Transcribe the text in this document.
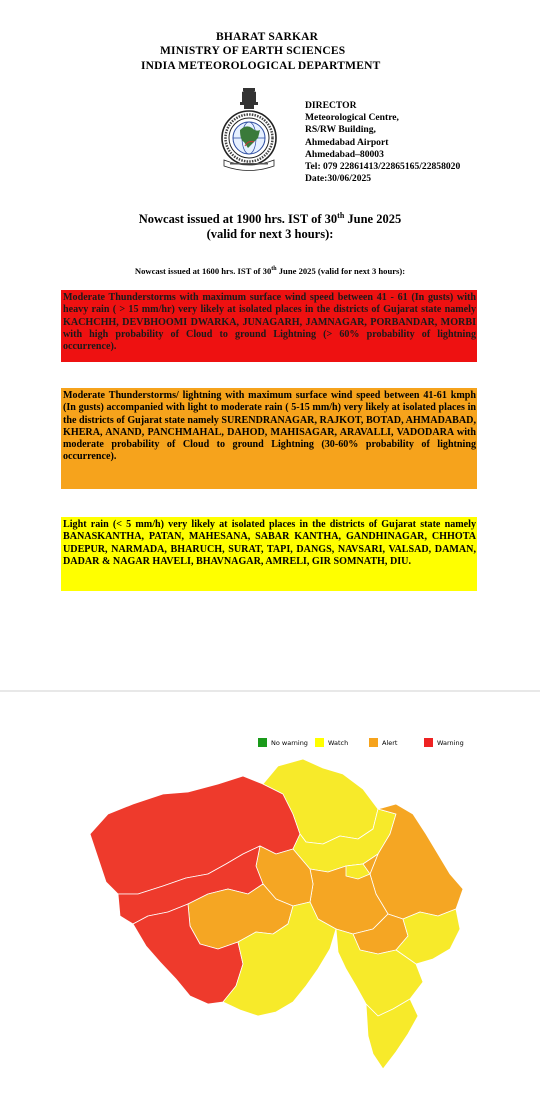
BHARAT SARKAR
MINISTRY OF EARTH SCIENCES
INDIA METEOROLOGICAL DEPARTMENT
DIRECTOR
Meteorological Centre,
RS/RW Building,
Ahmedabad Airport
Ahmedabad–80003
Tel: 079 22861413/22865165/22858020
Date:30/06/2025
Nowcast issued at 1900 hrs. IST of 30th June 2025
(valid for next 3 hours):
Nowcast issued at 1600 hrs. IST of 30th June 2025 (valid for next 3 hours):
Moderate Thunderstorms with maximum surface wind speed between 41 - 61 (In gusts) with heavy rain ( > 15 mm/hr) very likely at isolated places in the districts of Gujarat state namely KACHCHH, DEVBHOOMI DWARKA, JUNAGARH, JAMNAGAR, PORBANDAR, MORBI with high probability of Cloud to ground Lightning (> 60% probability of lightning occurrence).
Moderate Thunderstorms/ lightning with maximum surface wind speed between 41-61 kmph (In gusts) accompanied with light to moderate rain ( 5-15 mm/h) very likely at isolated places in the districts of Gujarat state namely SURENDRANAGAR, RAJKOT, BOTAD, AHMADABAD, KHERA, ANAND, PANCHMAHAL, DAHOD, MAHISAGAR, ARAVALLI, VADODARA with moderate probability of Cloud to ground Lightning (30-60% probability of lightning occurrence).
Light rain (< 5 mm/h) very likely at isolated places in the districts of Gujarat state namely BANASKANTHA, PATAN, MAHESANA, SABAR KANTHA, GANDHINAGAR, CHHOTA UDEPUR, NARMADA, BHARUCH, SURAT, TAPI, DANGS, NAVSARI, VALSAD, DAMAN, DADAR & NAGAR HAVELI, BHAVNAGAR, AMRELI, GIR SOMNATH, DIU.
No warning	Watch	Alert	Warning
